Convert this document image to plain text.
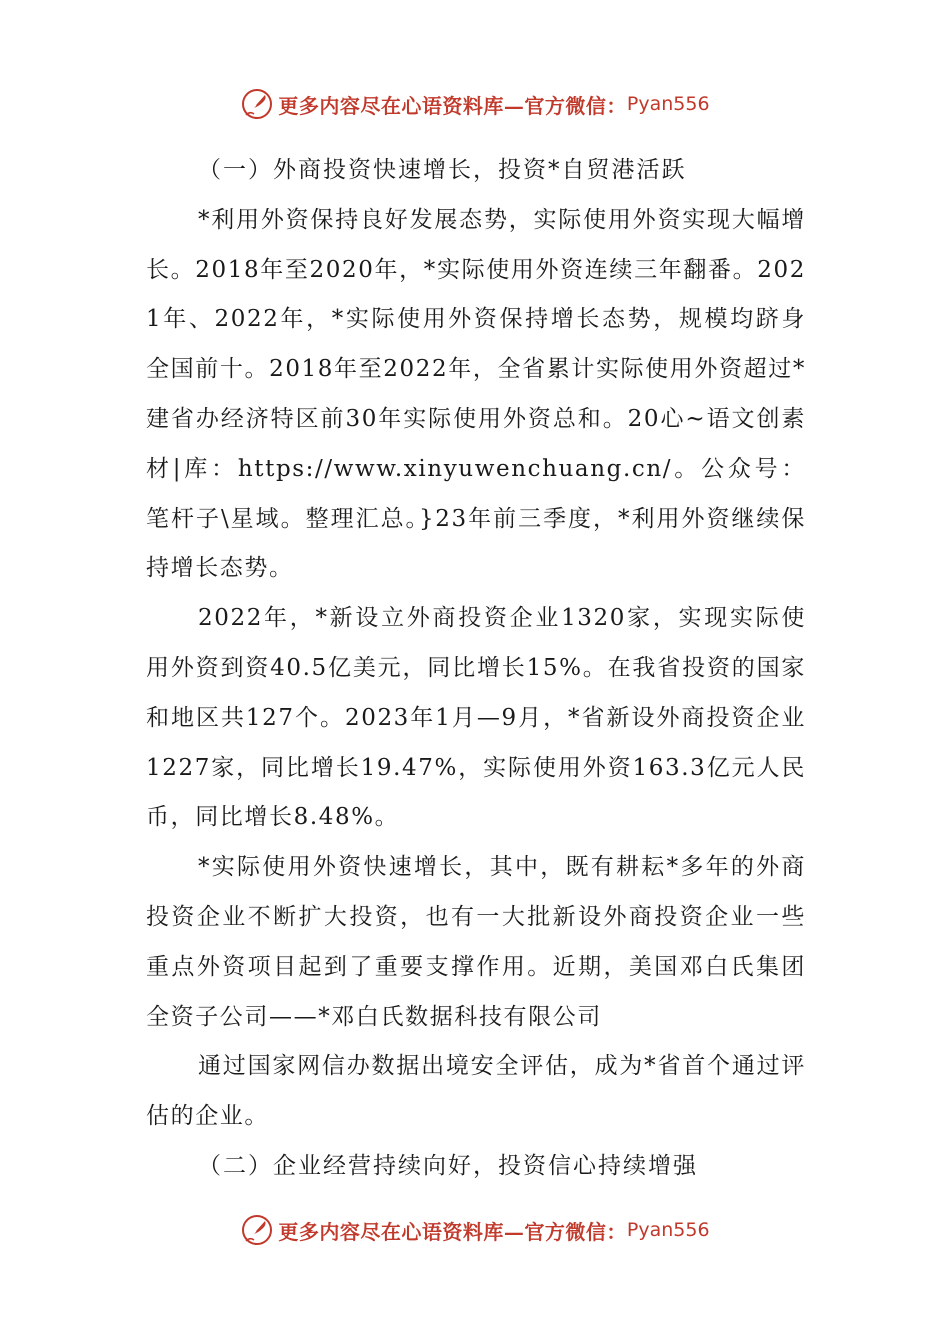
更多内容尽在心语资料库— 官方微信： Pyan556

（一）外商投资快速增长，投资*自贸港活跃

*利用外资保持良好发展态势，实际使用外资实现大幅增长。2018年至2020年，*实际使用外资连续三年翻番。2021年、2022年，*实际使用外资保持增长态势，规模均跻身全国前十。2018年至2022年，全省累计实际使用外资超过*建省办经济特区前30年实际使用外资总和。20心~语文创素材|库：https://www.xinyuwenchuang.cn/。公众号：笔杆子\星域。整理汇总。}23年前三季度，*利用外资继续保持增长态势。

2022年，*新设立外商投资企业1320家，实现实际使用外资到资40.5亿美元，同比增长15%。在我省投资的国家和地区共127个。2023年1月—9月，*省新设外商投资企业1227家，同比增长19.47%，实际使用外资163.3亿元人民币，同比增长8.48%。

*实际使用外资快速增长，其中，既有耕耘*多年的外商投资企业不断扩大投资，也有一大批新设外商投资企业一些重点外资项目起到了重要支撑作用。近期，美国邓白氏集团全资子公司——*邓白氏数据科技有限公司

通过国家网信办数据出境安全评估，成为*省首个通过评估的企业。

（二）企业经营持续向好，投资信心持续增强

更多内容尽在心语资料库— 官方微信： Pyan556
